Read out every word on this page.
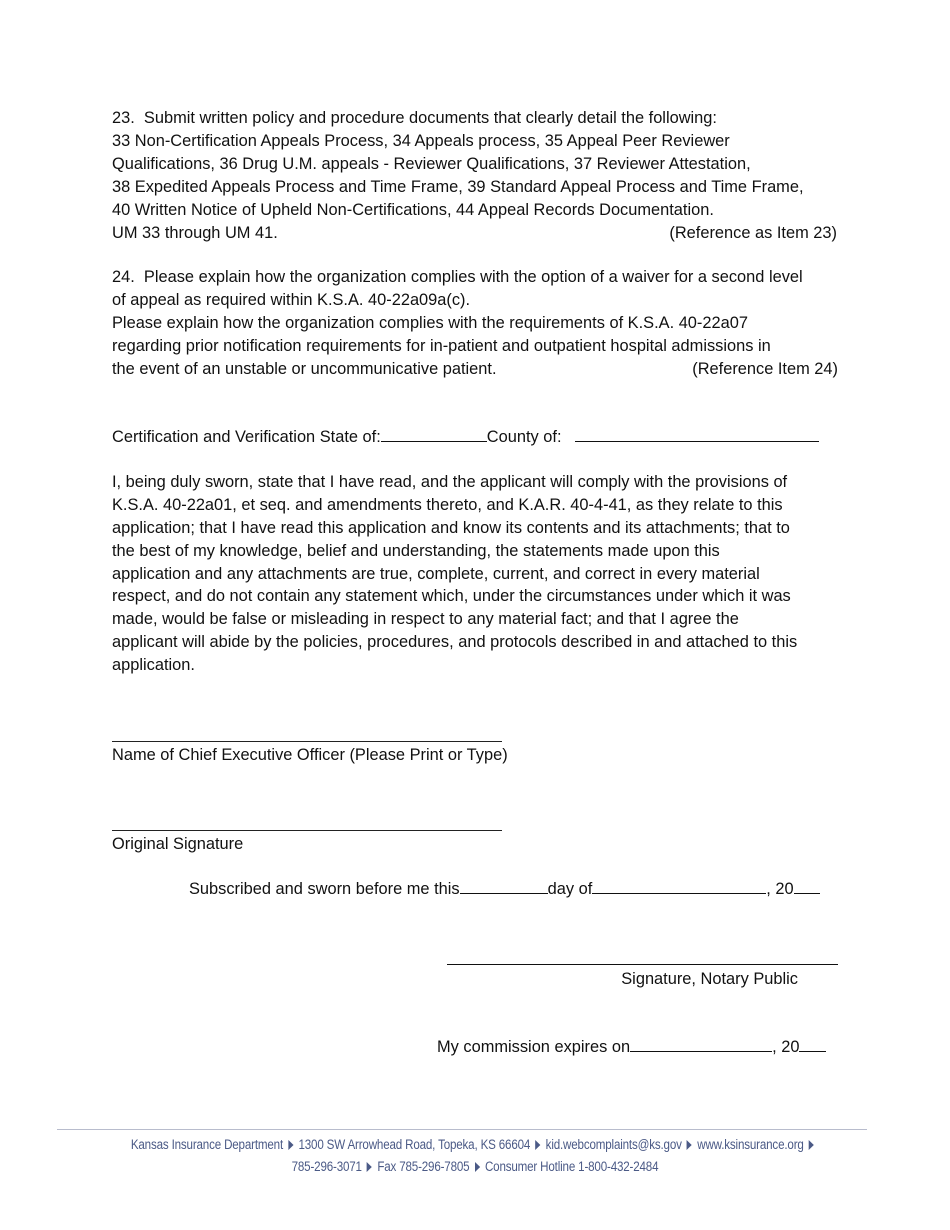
23. Submit written policy and procedure documents that clearly detail the following:
33 Non-Certification Appeals Process, 34 Appeals process, 35 Appeal Peer Reviewer
Qualifications, 36 Drug U.M. appeals - Reviewer Qualifications, 37 Reviewer Attestation,
38 Expedited Appeals Process and Time Frame, 39 Standard Appeal Process and Time Frame,
40 Written Notice of Upheld Non-Certifications, 44 Appeal Records Documentation.
UM 33 through UM 41.	(Reference as Item 23)
24. Please explain how the organization complies with the option of a waiver for a second level
of appeal as required within K.S.A. 40-22a09a(c).
Please explain how the organization complies with the requirements of K.S.A. 40-22a07
regarding prior notification requirements for in-patient and outpatient hospital admissions in
the event of an unstable or uncommunicative patient.	(Reference Item 24)
Certification and Verification State of:	County of:
I, being duly sworn, state that I have read, and the applicant will comply with the provisions of
K.S.A. 40-22a01, et seq. and amendments thereto, and K.A.R. 40-4-41, as they relate to this
application; that I have read this application and know its contents and its attachments; that to
the best of my knowledge, belief and understanding, the statements made upon this
application and any attachments are true, complete, current, and correct in every material
respect, and do not contain any statement which, under the circumstances under which it was
made, would be false or misleading in respect to any material fact; and that I agree the
applicant will abide by the policies, procedures, and protocols described in and attached to this
application.
Name of Chief Executive Officer (Please Print or Type)
Original Signature
Subscribed and sworn before me this	day of	, 20
Signature, Notary Public
My commission expires on	, 20
Kansas Insurance Department 1300 SW Arrowhead Road, Topeka, KS 66604 kid.webcomplaints@ks.gov www.ksinsurance.org
785-296-3071 Fax 785-296-7805 Consumer Hotline 1-800-432-2484
